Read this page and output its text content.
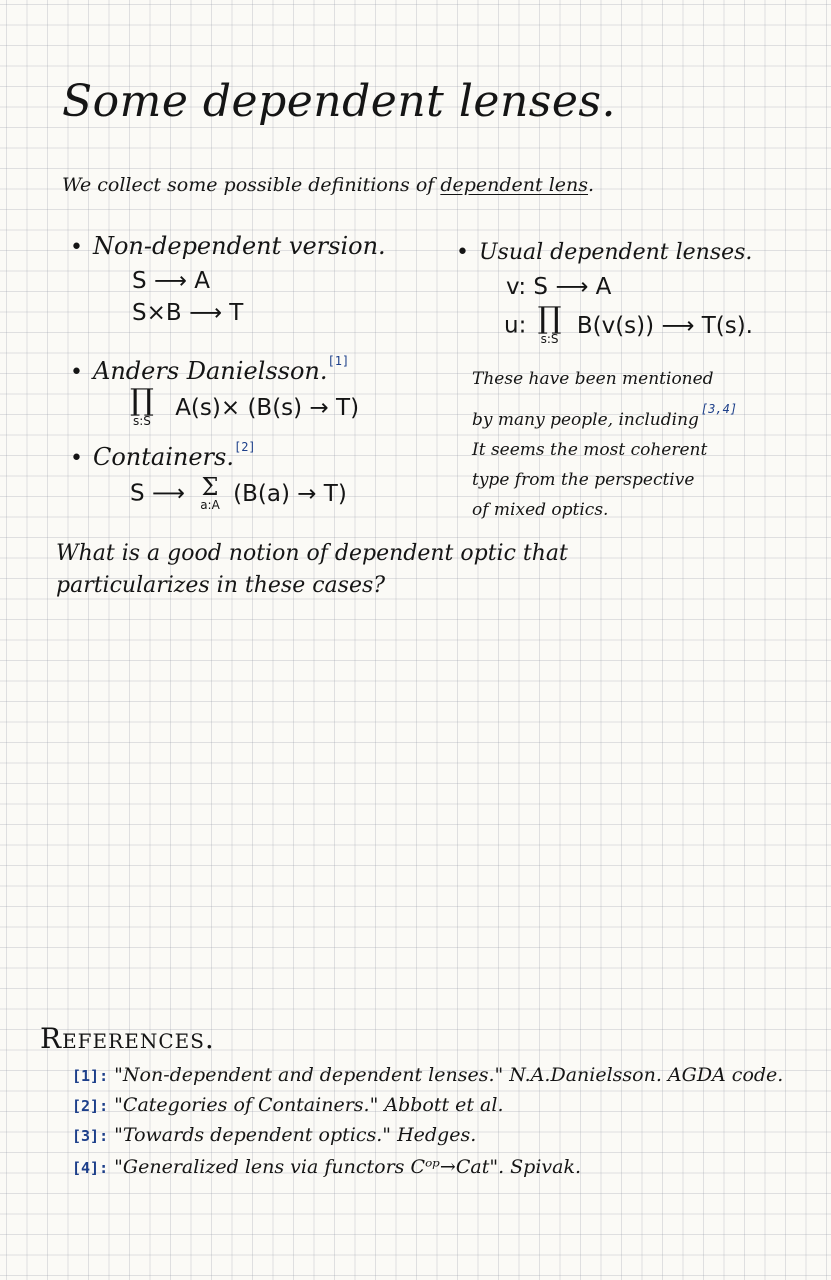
Some dependent lenses.
We collect some possible definitions of dependent lens.
• Non-dependent version.
S ⟶ A
S×B ⟶ T
• Anders Danielsson.[1]
∏
s:S
A(s)× (B(s) → T)
• Containers.[2]
S ⟶ Σ
a:A (B(a) → T)
• Usual dependent lenses.
v: S ⟶ A
u: ∏
s:S
B(v(s)) ⟶ T(s).
These have been mentioned
by many people, including[3,4]
It seems the most coherent
type from the perspective
of mixed optics.
What is a good notion of dependent optic that
particularizes in these cases?
References.
[1]: "Non-dependent and dependent lenses." N.A.Danielsson. AGDA code.
[2]: "Categories of Containers." Abbott et al.
[3]: "Towards dependent optics." Hedges.
[4]: "Generalized lens via functors Cᵒᵖ→Cat". Spivak.
